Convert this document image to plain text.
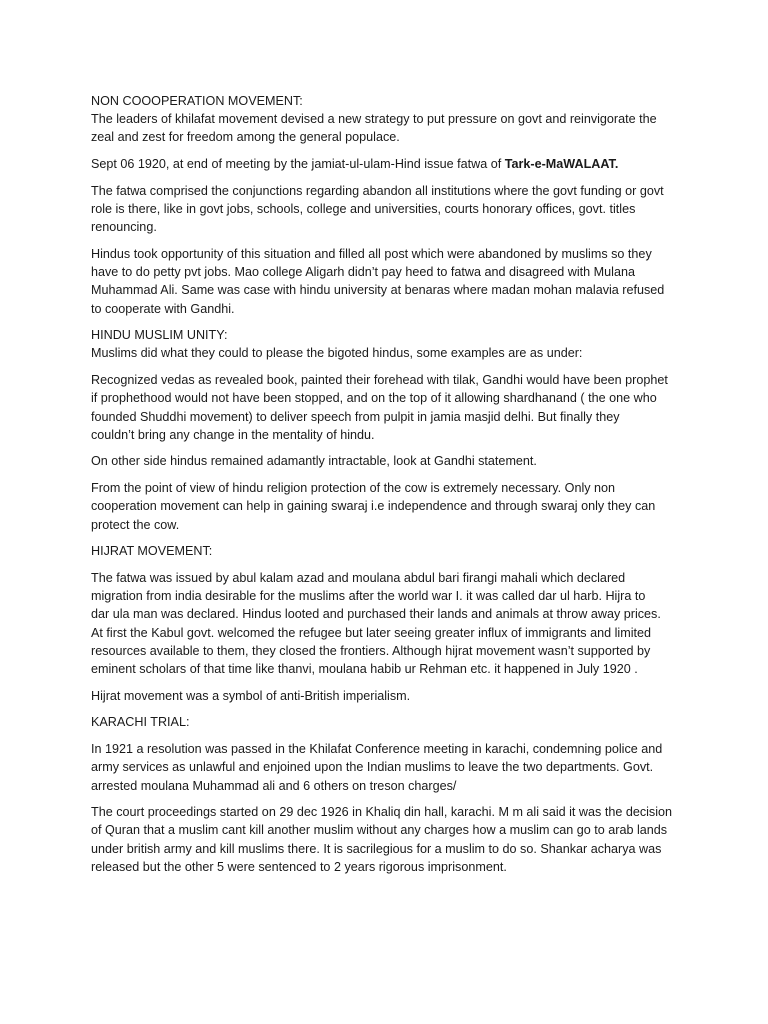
NON COOOPERATION MOVEMENT:
The leaders of khilafat movement devised a new strategy to put pressure on govt and reinvigorate the
zeal and zest for freedom among the general populace.

Sept 06 1920, at end of meeting by the jamiat-ul-ulam-Hind issue fatwa of Tark-e-MaWALAAT.

The fatwa comprised the conjunctions regarding abandon all institutions where the govt funding or govt
role is there, like in govt jobs, schools, college and universities, courts honorary offices, govt. titles
renouncing.

Hindus took opportunity of this situation and filled all post which were abandoned by muslims so they
have to do petty pvt jobs. Mao college Aligarh didn’t pay heed to fatwa and disagreed with Mulana
Muhammad Ali. Same was case with hindu university at benaras where madan mohan malavia refused
to cooperate with Gandhi.

HINDU MUSLIM UNITY:
Muslims did what they could to please the bigoted hindus, some examples are as under:

Recognized vedas as revealed book, painted their forehead with tilak, Gandhi would have been prophet
if prophethood would not have been stopped, and on the top of it allowing shardhanand ( the one who
founded Shuddhi movement) to deliver speech from pulpit in jamia masjid delhi. But finally they
couldn’t bring any change in the mentality of hindu.

On other side hindus remained adamantly intractable, look at Gandhi statement.

From the point of view of hindu religion protection of the cow is extremely necessary. Only non
cooperation movement can help in gaining swaraj i.e independence and through swaraj only they can
protect the cow.

HIJRAT MOVEMENT:

The fatwa was issued by abul kalam azad and moulana abdul bari firangi mahali which declared
migration from india desirable for the muslims after the world war I. it was called dar ul harb. Hijra to
dar ula man was declared. Hindus looted and purchased their lands and animals at throw away prices.
At first the Kabul govt. welcomed the refugee but later seeing greater influx of immigrants and limited
resources available to them, they closed the frontiers. Although hijrat movement wasn’t supported by
eminent scholars of that time like thanvi, moulana habib ur Rehman etc. it happened in July 1920 .

Hijrat movement was a symbol of anti-British imperialism.

KARACHI TRIAL:

In 1921 a resolution was passed in the Khilafat Conference meeting in karachi, condemning police and
army services as unlawful and enjoined upon the Indian muslims to leave the two departments. Govt.
arrested moulana Muhammad ali and 6 others on treson charges/

The court proceedings started on 29 dec 1926 in Khaliq din hall, karachi. M m ali said it was the decision
of Quran that a muslim cant kill another muslim without any charges how a muslim can go to arab lands
under british army and kill muslims there. It is sacrilegious for a muslim to do so. Shankar acharya was
released but the other 5 were sentenced to 2 years rigorous imprisonment.
